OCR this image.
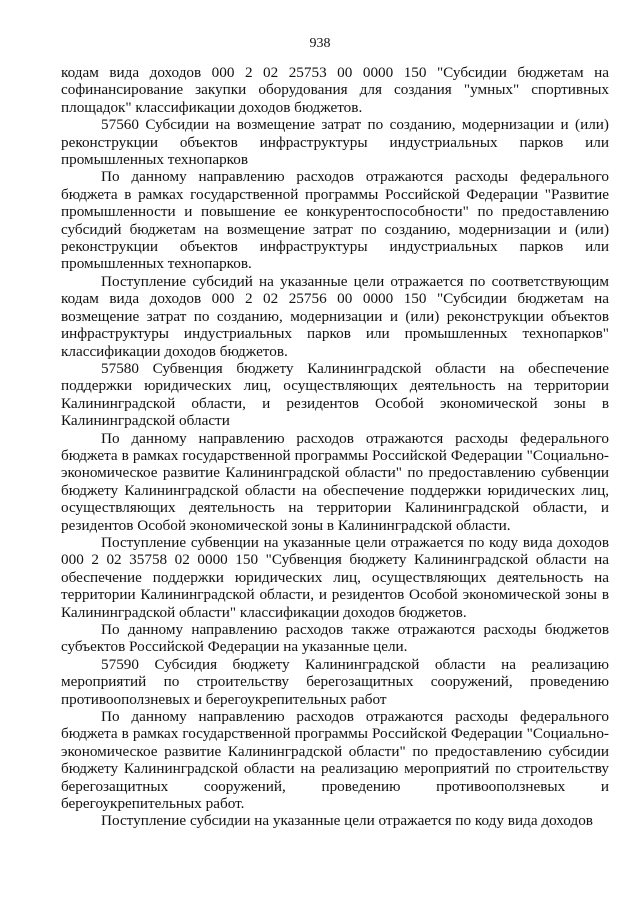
938

кодам вида доходов 000 2 02 25753 00 0000 150 "Субсидии бюджетам на софинансирование закупки оборудования для создания "умных" спортивных площадок" классификации доходов бюджетов.

57560 Субсидии на возмещение затрат по созданию, модернизации и (или) реконструкции объектов инфраструктуры индустриальных парков или промышленных технопарков

По данному направлению расходов отражаются расходы федерального бюджета в рамках государственной программы Российской Федерации "Развитие промышленности и повышение ее конкурентоспособности" по предоставлению субсидий бюджетам на возмещение затрат по созданию, модернизации и (или) реконструкции объектов инфраструктуры индустриальных парков или промышленных технопарков.

Поступление субсидий на указанные цели отражается по соответствующим кодам вида доходов 000 2 02 25756 00 0000 150 "Субсидии бюджетам на возмещение затрат по созданию, модернизации и (или) реконструкции объектов инфраструктуры индустриальных парков или промышленных технопарков" классификации доходов бюджетов.

57580 Субвенция бюджету Калининградской области на обеспечение поддержки юридических лиц, осуществляющих деятельность на территории Калининградской области, и резидентов Особой экономической зоны в Калининградской области

По данному направлению расходов отражаются расходы федерального бюджета в рамках государственной программы Российской Федерации "Социально-экономическое развитие Калининградской области" по предоставлению субвенции бюджету Калининградской области на обеспечение поддержки юридических лиц, осуществляющих деятельность на территории Калининградской области, и резидентов Особой экономической зоны в Калининградской области.

Поступление субвенции на указанные цели отражается по коду вида доходов 000 2 02 35758 02 0000 150 "Субвенция бюджету Калининградской области на обеспечение поддержки юридических лиц, осуществляющих деятельность на территории Калининградской области, и резидентов Особой экономической зоны в Калининградской области" классификации доходов бюджетов.

По данному направлению расходов также отражаются расходы бюджетов субъектов Российской Федерации на указанные цели.

57590 Субсидия бюджету Калининградской области на реализацию мероприятий по строительству берегозащитных сооружений, проведению противооползневых и берегоукрепительных работ

По данному направлению расходов отражаются расходы федерального бюджета в рамках государственной программы Российской Федерации "Социально-экономическое развитие Калининградской области" по предоставлению субсидии бюджету Калининградской области на реализацию мероприятий по строительству берегозащитных сооружений, проведению противооползневых и берегоукрепительных работ.

Поступление субсидии на указанные цели отражается по коду вида доходов
